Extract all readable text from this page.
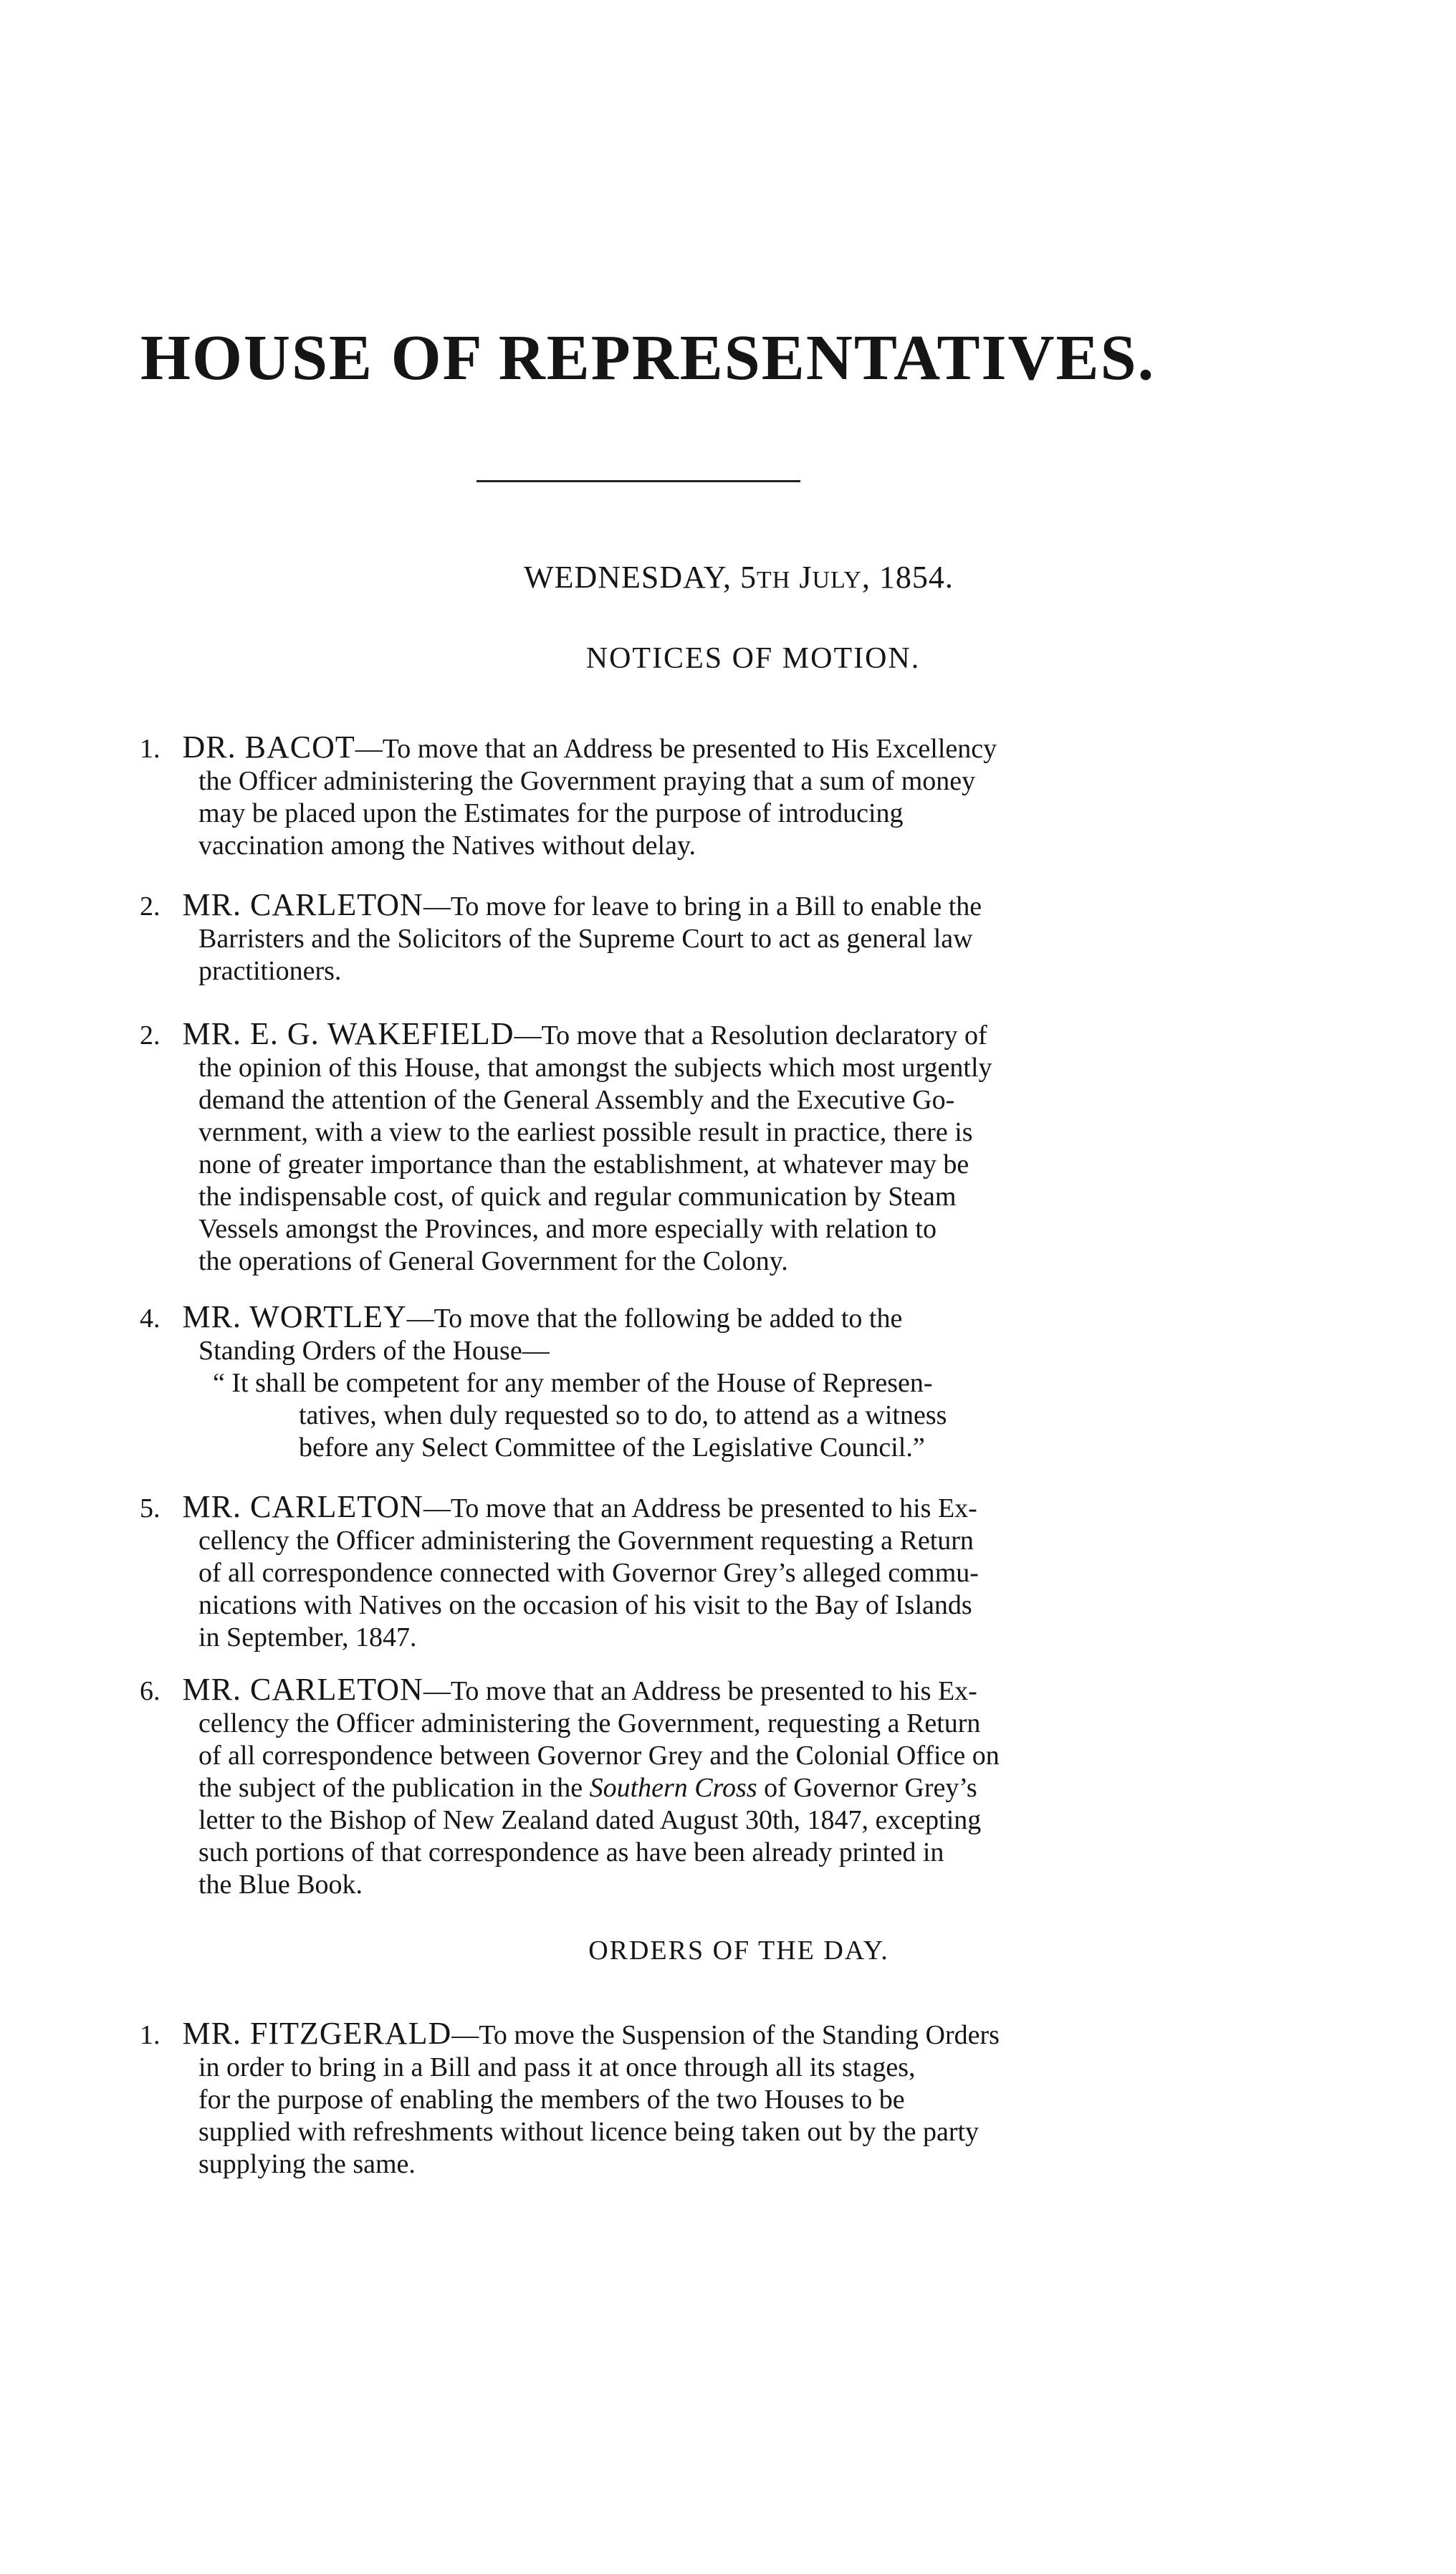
HOUSE OF REPRESENTATIVES.
WEDNESDAY, 5TH JULY, 1854.
NOTICES OF MOTION.
1. DR. BACOT—To move that an Address be presented to His Excellency
the Officer administering the Government praying that a sum of money
may be placed upon the Estimates for the purpose of introducing
vaccination among the Natives without delay.
2. MR. CARLETON—To move for leave to bring in a Bill to enable the
Barristers and the Solicitors of the Supreme Court to act as general law
practitioners.
2. MR. E. G. WAKEFIELD—To move that a Resolution declaratory of
the opinion of this House, that amongst the subjects which most urgently
demand the attention of the General Assembly and the Executive Go-
vernment, with a view to the earliest possible result in practice, there is
none of greater importance than the establishment, at whatever may be
the indispensable cost, of quick and regular communication by Steam
Vessels amongst the Provinces, and more especially with relation to
the operations of General Government for the Colony.
4. MR. WORTLEY—To move that the following be added to the
Standing Orders of the House—
“ It shall be competent for any member of the House of Represen-
tatives, when duly requested so to do, to attend as a witness
before any Select Committee of the Legislative Council.”
5. MR. CARLETON—To move that an Address be presented to his Ex-
cellency the Officer administering the Government requesting a Return
of all correspondence connected with Governor Grey’s alleged commu-
nications with Natives on the occasion of his visit to the Bay of Islands
in September, 1847.
6. MR. CARLETON—To move that an Address be presented to his Ex-
cellency the Officer administering the Government, requesting a Return
of all correspondence between Governor Grey and the Colonial Office on
the subject of the publication in the Southern Cross of Governor Grey’s
letter to the Bishop of New Zealand dated August 30th, 1847, excepting
such portions of that correspondence as have been already printed in
the Blue Book.
ORDERS OF THE DAY.
1. MR. FITZGERALD—To move the Suspension of the Standing Orders
in order to bring in a Bill and pass it at once through all its stages,
for the purpose of enabling the members of the two Houses to be
supplied with refreshments without licence being taken out by the party
supplying the same.
